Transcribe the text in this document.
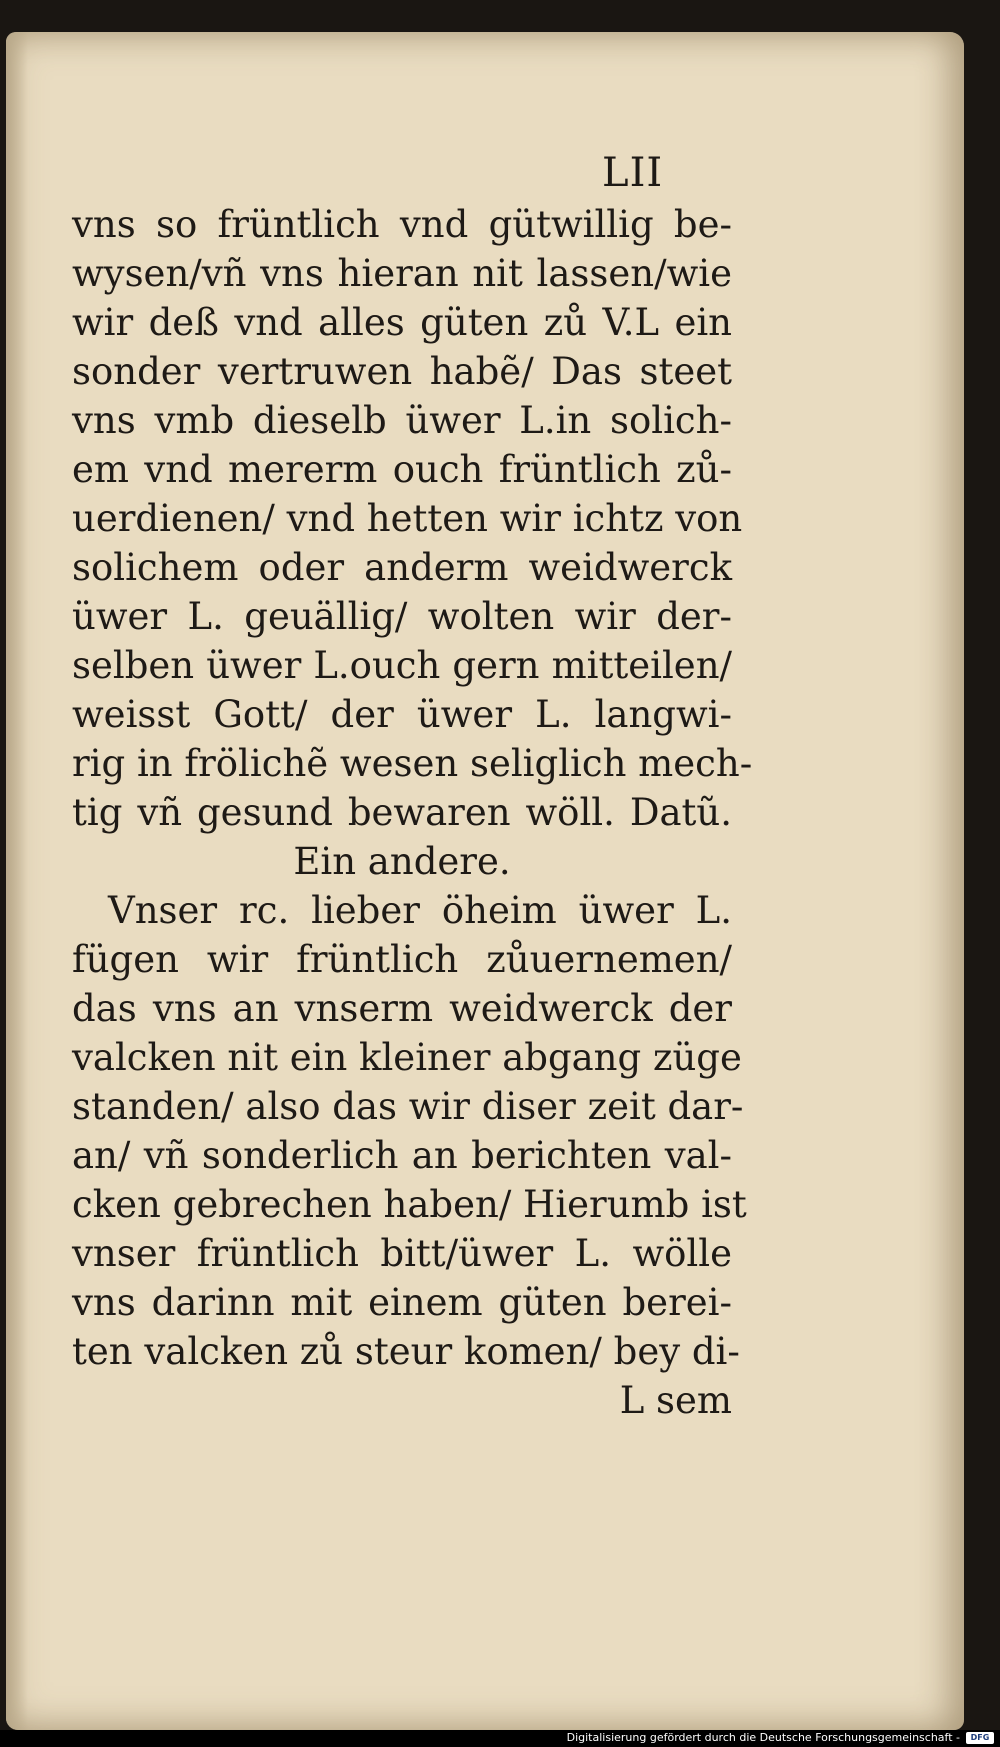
LII
vns so früntlich vnd gütwillig be-
wysen/vñ vns hieran nit lassen/wie
wir deß vnd alles güten zů V.L ein
sonder vertruwen habẽ/ Das steet
vns vmb dieselb üwer L.in solich-
em vnd mererm ouch früntlich zů-
uerdienen/ vnd hetten wir ichtz von
solichem oder anderm weidwerck
üwer L. geuällig/ wolten wir der-
selben üwer L.ouch gern mitteilen/
weisst Gott/ der üwer L. langwi-
rig in frölichẽ wesen seliglich mech-
tig vñ gesund bewaren wöll. Datũ.
Ein andere.
Vnser rc. lieber öheim üwer L.
fügen wir früntlich zůuernemen/
das vns an vnserm weidwerck der
valcken nit ein kleiner abgang züge
standen/ also das wir diser zeit dar-
an/ vñ sonderlich an berichten val-
cken gebrechen haben/ Hierumb ist
vnser früntlich bitt/üwer L. wölle
vns darinn mit einem güten berei-
ten valcken zů steur komen/ bey di-
L sem
Digitalisierung gefördert durch die Deutsche Forschungsgemeinschaft -	DFG
